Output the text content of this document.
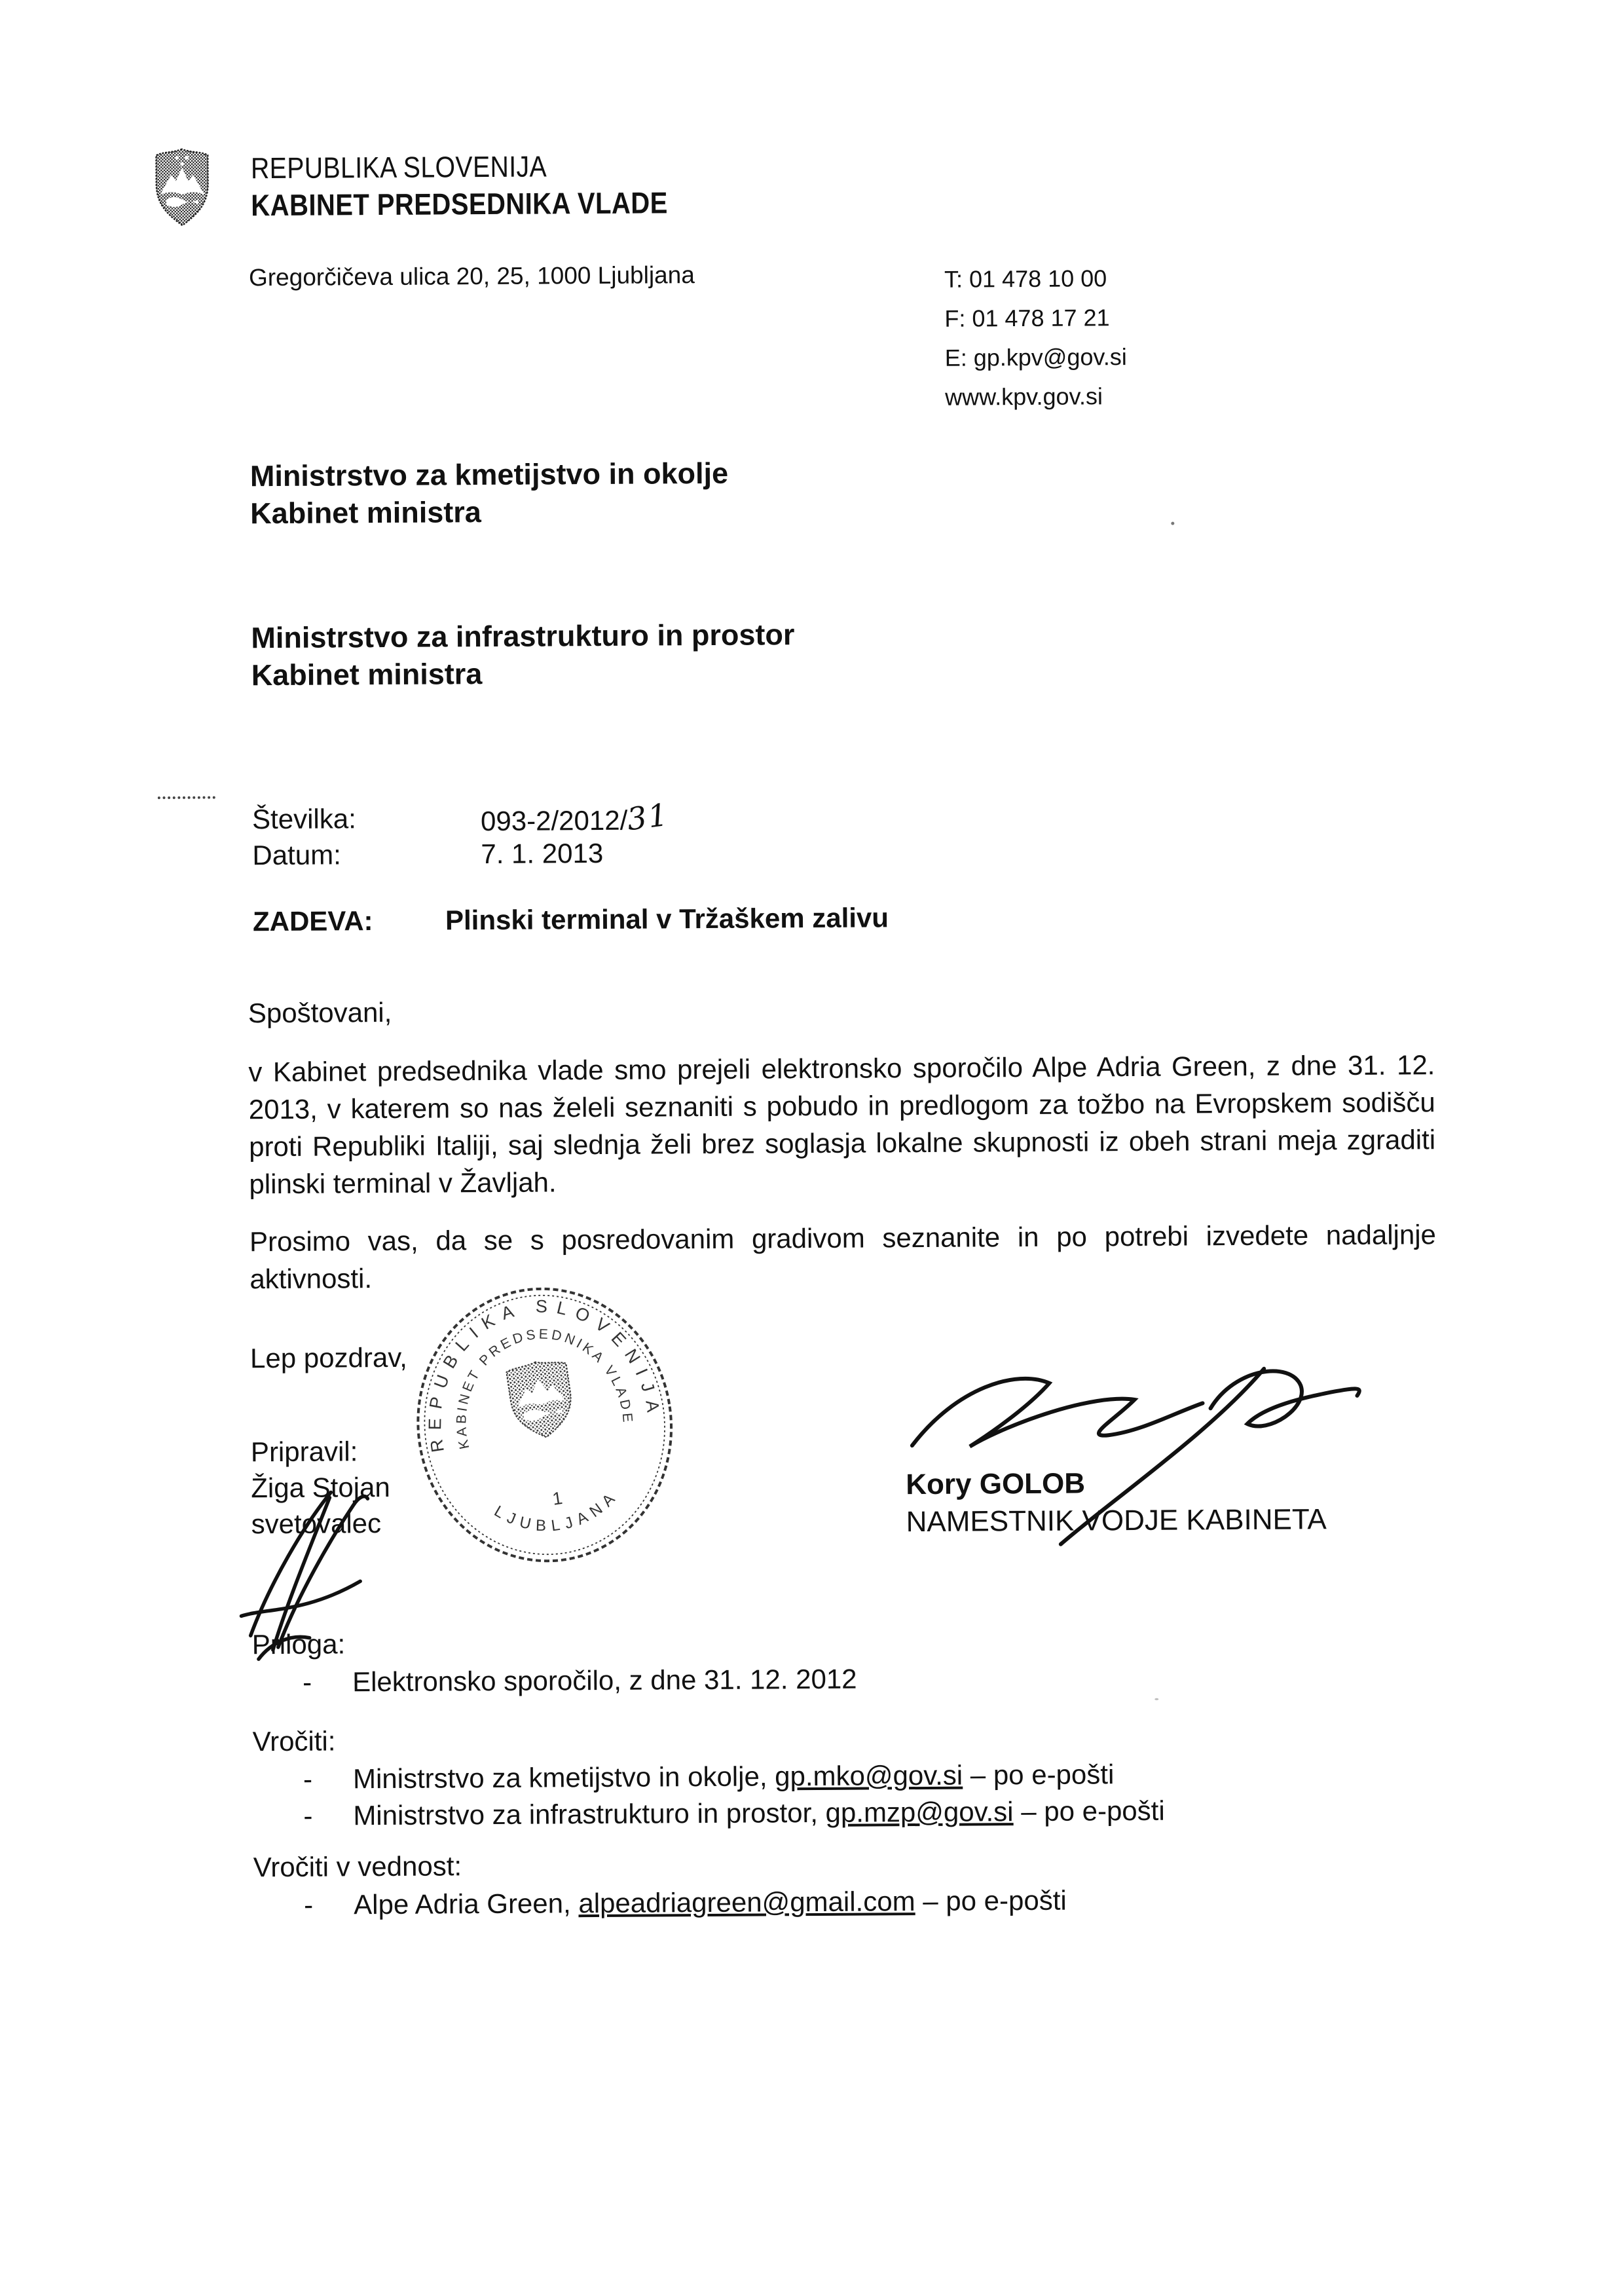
REPUBLIKA SLOVENIJA
KABINET PREDSEDNIKA VLADE
Gregorčičeva ulica 20, 25, 1000 Ljubljana	T: 01 478 10 00
F: 01 478 17 21
E: gp.kpv@gov.si
www.kpv.gov.si
Ministrstvo za kmetijstvo in okolje
Kabinet ministra
Ministrstvo za infrastrukturo in prostor
Kabinet ministra
Številka:	093-2/2012/31
Datum:	7. 1. 2013
ZADEVA:	Plinski terminal v Tržaškem zalivu
Spoštovani,
v Kabinet predsednika vlade smo prejeli elektronsko sporočilo Alpe Adria Green, z dne 31. 12. 2013, v katerem so nas želeli seznaniti s pobudo in predlogom za tožbo na Evropskem sodišču proti Republiki Italiji, saj slednja želi brez soglasja lokalne skupnosti iz obeh strani meja zgraditi plinski terminal v Žavljah.
Prosimo vas, da se s posredovanim gradivom seznanite in po potrebi izvedete nadaljnje aktivnosti.
Lep pozdrav,
REPUBLIKA SLOVENIJA
KABINET PREDSEDNIKA VLADE
LJUBLJANA
1
Pripravil:
Žiga Stojan
svetovalec
Kory GOLOB
NAMESTNIK VODJE KABINETA
Priloga:
- Elektronsko sporočilo, z dne 31. 12. 2012
Vročiti:
- Ministrstvo za kmetijstvo in okolje, gp.mko@gov.si – po e-pošti
- Ministrstvo za infrastrukturo in prostor, gp.mzp@gov.si – po e-pošti
Vročiti v vednost:
- Alpe Adria Green, alpeadriagreen@gmail.com – po e-pošti
